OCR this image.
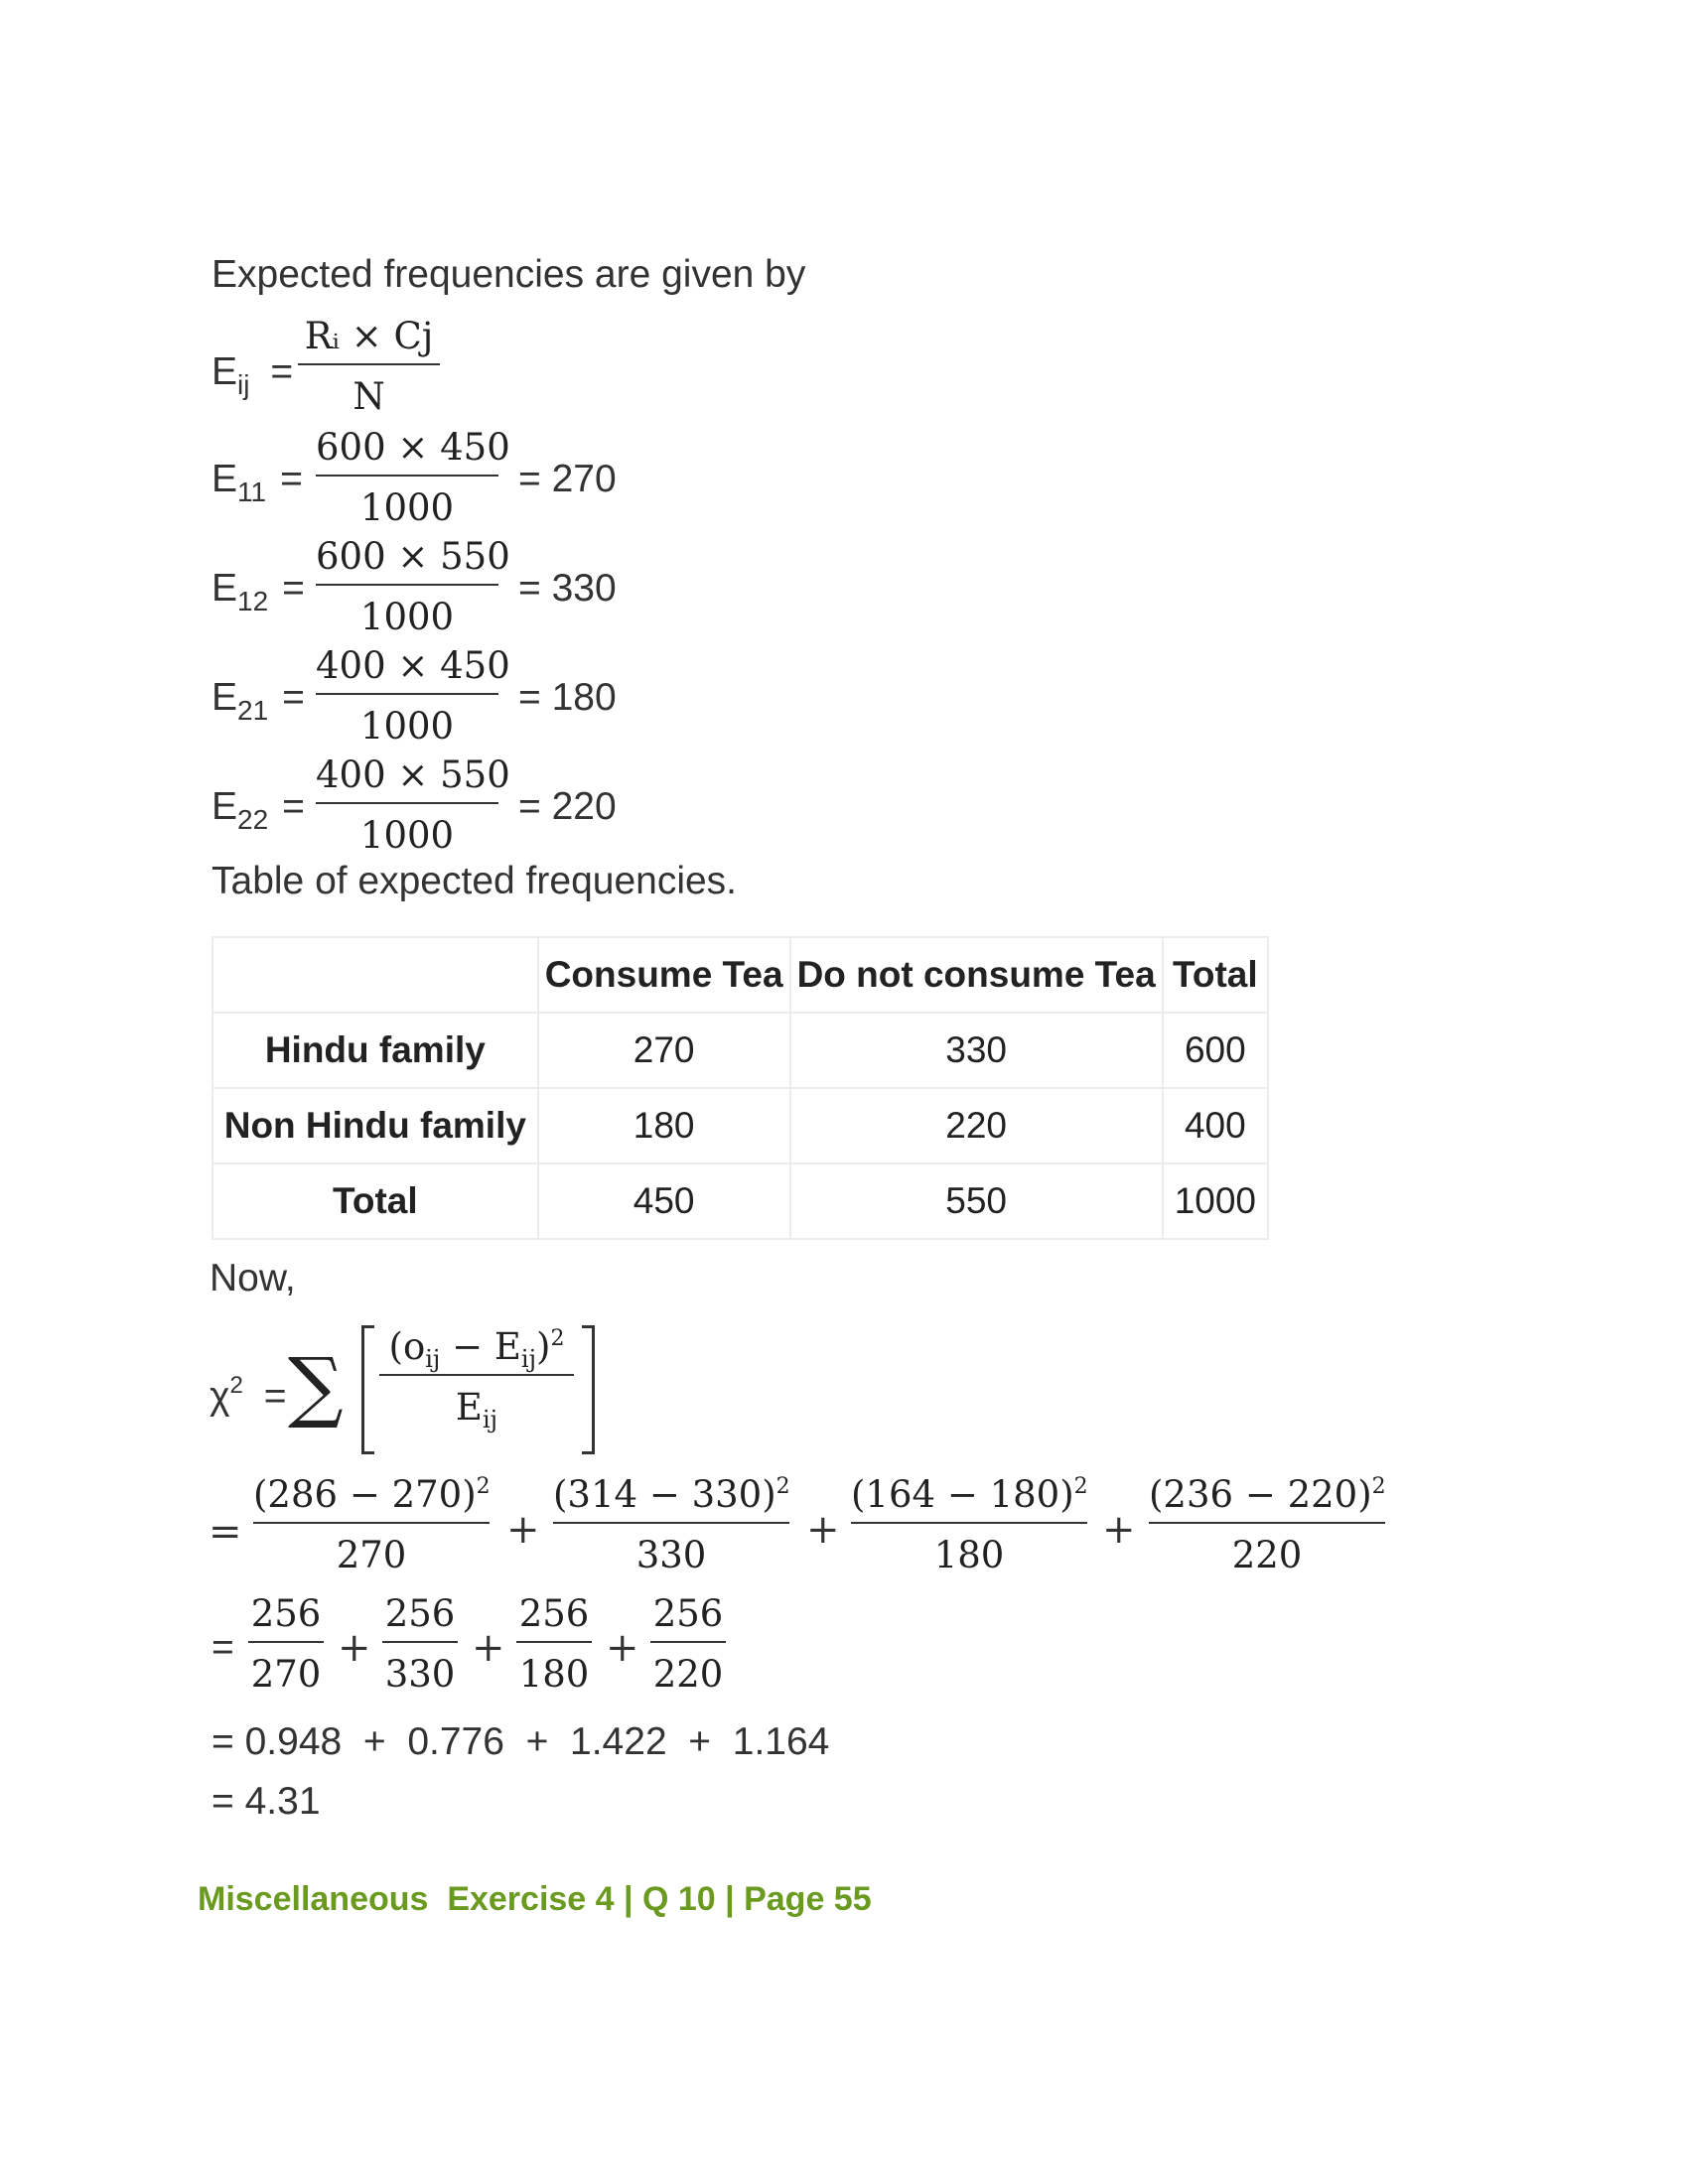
Expected frequencies are given by
$E_{ij}$ =
Rᵢ × Cj
N
$E_{11}$ =
600 × 450
1000
= 270
$E_{12}$ =
600 × 550
1000
= 330
$E_{21}$ =
400 × 450
1000
= 180
$E_{22}$ =
400 × 550
1000
= 220
Table of expected frequencies.
	Consume Tea	Do not consume Tea	Total
Hindu family	270	330	600
Non Hindu family	180	220	400
Total	450	550	1000
Now,
$\chi^2$ = ∑ $(o_{ij} - E_{ij})^2$
$E_{ij}$
=
$(286 - 270)^2$
270
+
$(314 - 330)^2$
330
+
$(164 - 180)^2$
180
+
$(236 - 220)^2$
220
=
256
270
+
256
330
+
256
180
+
256
220
= 0.948  +  0.776  +  1.422  +  1.164
= 4.31
Miscellaneous  Exercise 4 | Q 10 | Page 55
